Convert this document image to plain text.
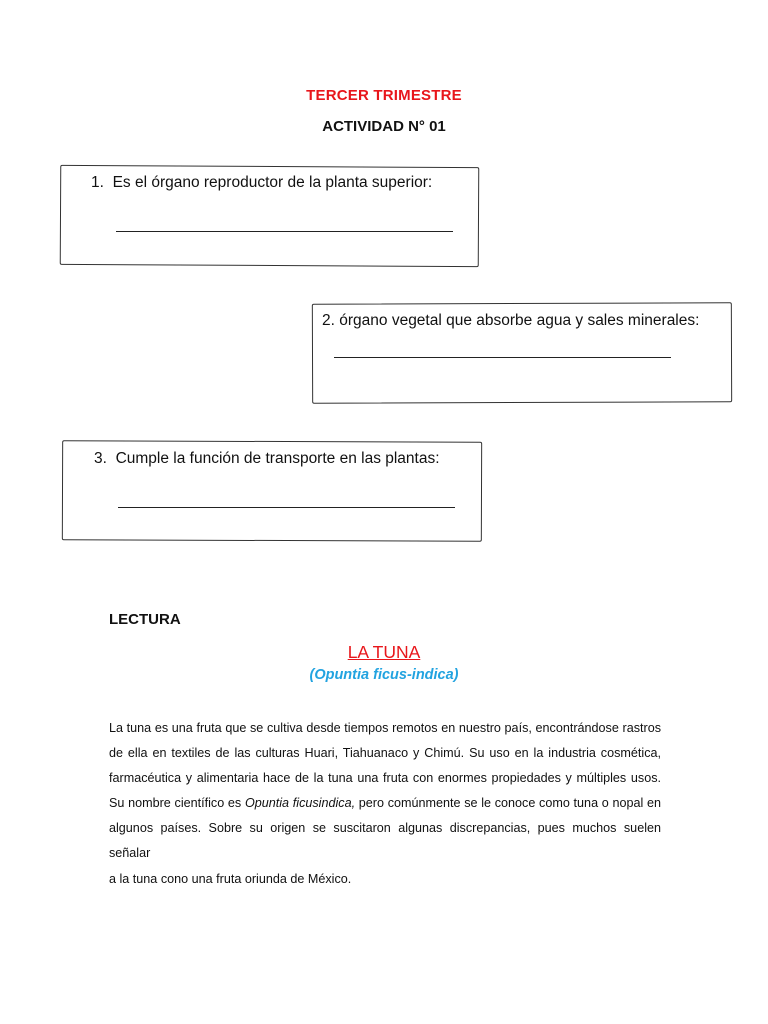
TERCER TRIMESTRE
ACTIVIDAD N° 01
1. Es el órgano reproductor de la planta superior:
2. órgano vegetal que absorbe agua y sales minerales:
3. Cumple la función de transporte en las plantas:
LECTURA
LA TUNA
(Opuntia ficus-indica)
La tuna es una fruta que se cultiva desde tiempos remotos en nuestro país, encontrándose rastros
de ella en textiles de las culturas Huari, Tiahuanaco y Chimú. Su uso en la industria cosmética,
farmacéutica y alimentaria hace de la tuna una fruta con enormes propiedades y múltiples usos.
Su nombre científico es Opuntia ficusindica, pero comúnmente se le conoce como tuna o nopal en
algunos países. Sobre su origen se suscitaron algunas discrepancias, pues muchos suelen señalar
a la tuna cono una fruta oriunda de México.
